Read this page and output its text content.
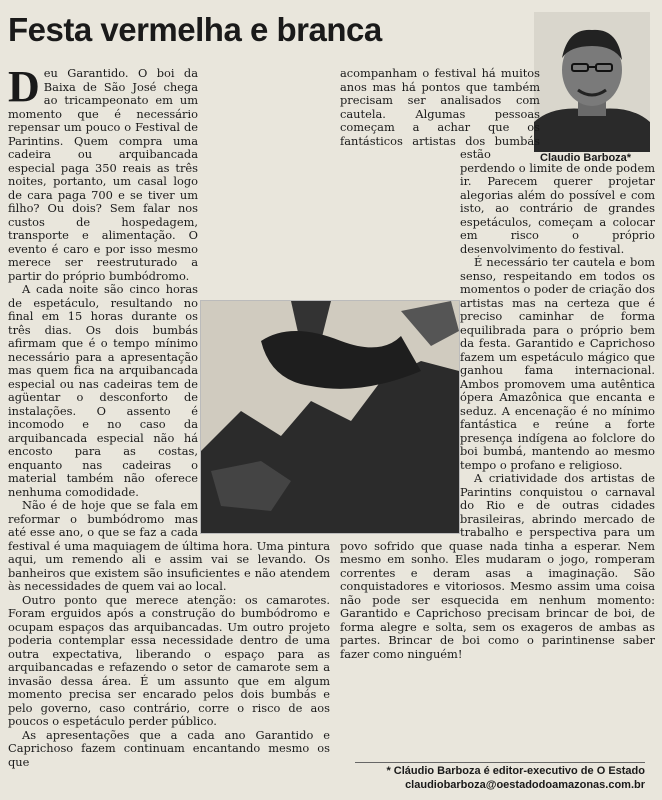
Festa vermelha e branca
Claudio Barboza*

Deu Garantido. O boi da Baixa de São José chega ao tricampeonato em um momento que é necessário repensar um pouco o Festival de Parintins. Quem compra uma cadeira ou arquibancada especial paga 350 reais as três noites, portanto, um casal logo de cara paga 700 e se tiver um filho? Ou dois? Sem falar nos custos de hospedagem, transporte e alimentação. O evento é caro e por isso mesmo merece ser reestruturado a partir do próprio bumbódromo.

A cada noite são cinco horas de espetáculo, resultando no final em 15 horas durante os três dias. Os dois bumbás afirmam que é o tempo mínimo necessário para a apresentação mas quem fica na arquibancada especial ou nas cadeiras tem de agüentar o desconforto de instalações. O assento é incomodo e no caso da arquibancada especial não há encosto para as costas, enquanto nas cadeiras o material também não oferece nenhuma comodidade.

Não é de hoje que se fala em reformar o bumbódromo mas até esse ano, o que se faz a cada festival é uma maquiagem de última hora. Uma pintura aqui, um remendo ali e assim vai se levando. Os banheiros que existem são insuficientes e não atendem às necessidades de quem vai ao local.

Outro ponto que merece atenção: os camarotes. Foram erguidos após a construção do bumbódromo e ocupam espaços das arquibancadas. Um outro projeto poderia contemplar essa necessidade dentro de uma outra expectativa, liberando o espaço para as arquibancadas e refazendo o setor de camarote sem a invasão dessa área. É um assunto que em algum momento precisa ser encarado pelos dois bumbás e pelo governo, caso contrário, corre o risco de aos poucos o espetáculo perder público.

As apresentações que a cada ano Garantido e Caprichoso fazem continuam encantando mesmo os que

acompanham o festival há muitos anos mas há pontos que também precisam ser analisados com cautela. Algumas pessoas começam a achar que os fantásticos artistas dos bumbás estão perdendo o limite de onde podem ir. Parecem querer projetar alegorias além do possível e com isto, ao contrário de grandes espetáculos, começam a colocar em risco o próprio desenvolvimento do festival.

É necessário ter cautela e bom senso, respeitando em todos os momentos o poder de criação dos artistas mas na certeza que é preciso caminhar de forma equilibrada para o próprio bem da festa. Garantido e Caprichoso fazem um espetáculo mágico que ganhou fama internacional. Ambos promovem uma autêntica ópera Amazônica que encanta e seduz. A encenação é no mínimo fantástica e reúne a forte presença indígena ao folclore do boi bumbá, mantendo ao mesmo tempo o profano e religioso.

A criatividade dos artistas de Parintins conquistou o carnaval do Rio e de outras cidades brasileiras, abrindo mercado de trabalho e perspectiva para um povo sofrido que quase nada tinha a esperar. Nem mesmo em sonho. Eles mudaram o jogo, romperam correntes e deram asas a imaginação. São conquistadores e vitoriosos. Mesmo assim uma coisa não pode ser esquecida em nenhum momento: Garantido e Caprichoso precisam brincar de boi, de forma alegre e solta, sem os exageros de ambas as partes. Brincar de boi como o parintinense saber fazer como ninguém!

* Cláudio Barboza é editor-executivo de O Estado
claudiobarboza@oestadodoamazonas.com.br
